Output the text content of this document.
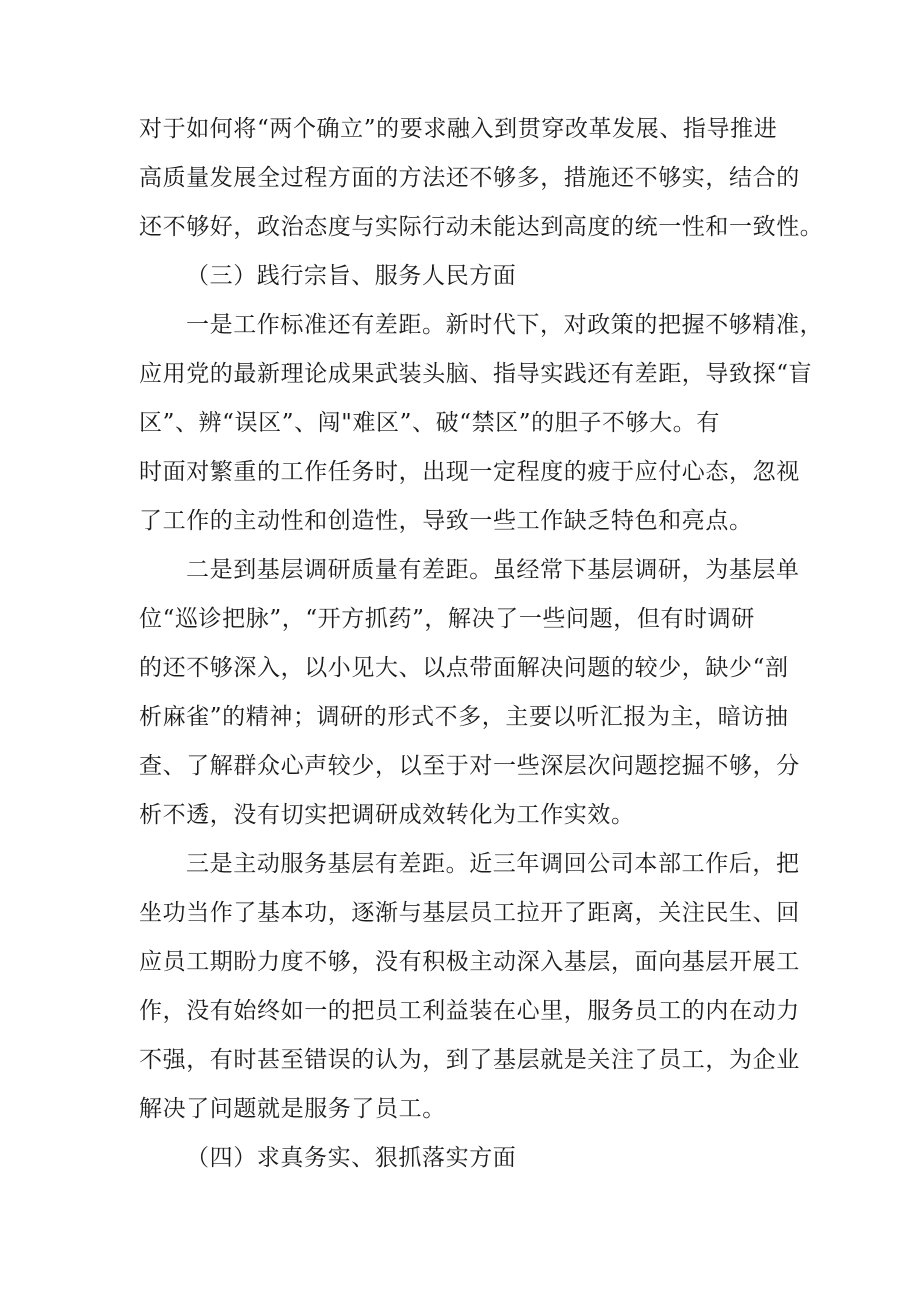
对于如何将“两个确立”的要求融入到贯穿改革发展、指导推进
高质量发展全过程方面的方法还不够多，措施还不够实，结合的
还不够好，政治态度与实际行动未能达到高度的统一性和一致性。
（三）践行宗旨、服务人民方面
一是工作标准还有差距。新时代下，对政策的把握不够精准，
应用党的最新理论成果武装头脑、指导实践还有差距，导致探“盲
区”、辨“误区”、闯"难区”、破“禁区”的胆子不够大。有
时面对繁重的工作任务时，出现一定程度的疲于应付心态，忽视
了工作的主动性和创造性，导致一些工作缺乏特色和亮点。
二是到基层调研质量有差距。虽经常下基层调研，为基层单
位“巡诊把脉”，“开方抓药”，解决了一些问题，但有时调研
的还不够深入，以小见大、以点带面解决问题的较少，缺少“剖
析麻雀”的精神；调研的形式不多，主要以听汇报为主，暗访抽
查、了解群众心声较少，以至于对一些深层次问题挖掘不够，分
析不透，没有切实把调研成效转化为工作实效。
三是主动服务基层有差距。近三年调回公司本部工作后，把
坐功当作了基本功，逐渐与基层员工拉开了距离，关注民生、回
应员工期盼力度不够，没有积极主动深入基层，面向基层开展工
作，没有始终如一的把员工利益装在心里，服务员工的内在动力
不强，有时甚至错误的认为，到了基层就是关注了员工，为企业
解决了问题就是服务了员工。
（四）求真务实、狠抓落实方面
